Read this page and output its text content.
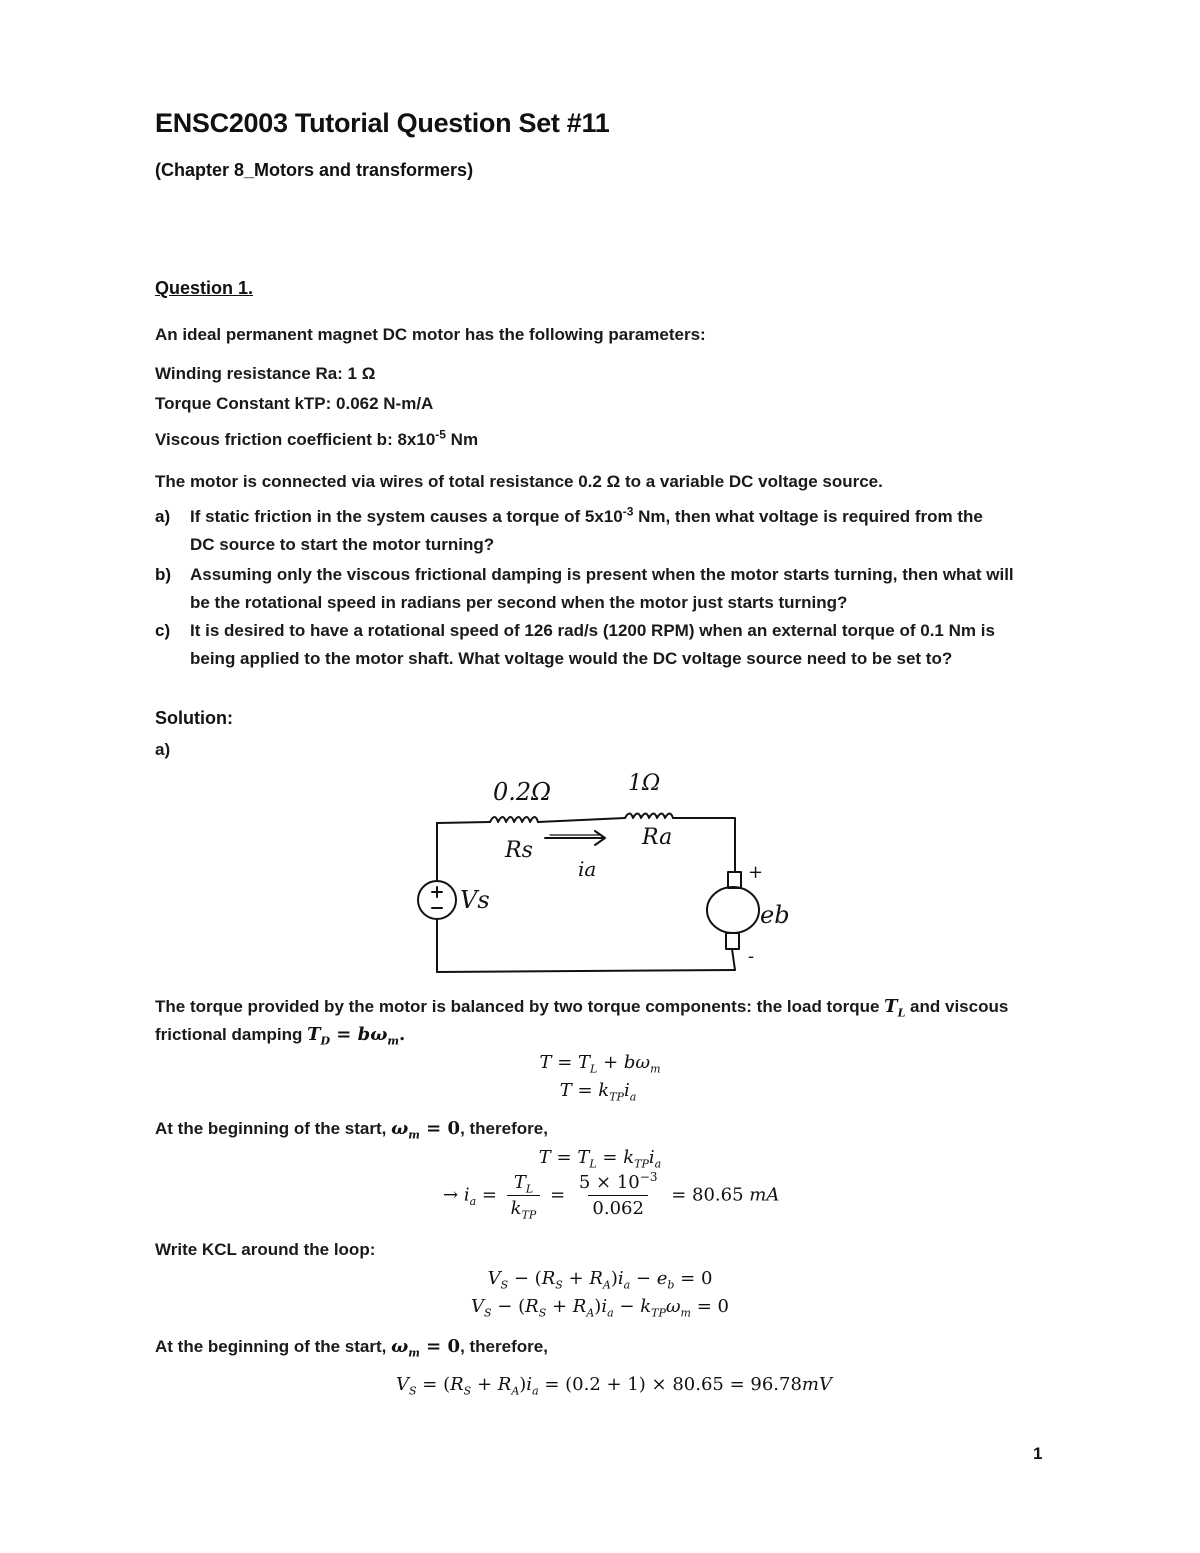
ENSC2003 Tutorial Question Set #11
(Chapter 8_Motors and transformers)
Question 1.
An ideal permanent magnet DC motor has the following parameters:
Winding resistance Ra: 1 Ω
Torque Constant kTP: 0.062 N-m/A
Viscous friction coefficient b: $8x10^{-5}$ Nm
The motor is connected via wires of total resistance 0.2 Ω to a variable DC voltage source.
a) If static friction in the system causes a torque of $5x10^{-3}$ Nm, then what voltage is required from the
DC source to start the motor turning?
b) Assuming only the viscous frictional damping is present when the motor starts turning, then what will
be the rotational speed in radians per second when the motor just starts turning?
c) It is desired to have a rotational speed of 126 rad/s (1200 RPM) when an external torque of 0.1 Nm is
being applied to the motor shaft. What voltage would the DC voltage source need to be set to?
Solution:
a)
0.2Ω	1Ω
Rs
Ra
ia
Vs
eb
+
-
The torque provided by the motor is balanced by two torque components: the load torque $T_L$ and viscous
frictional damping $T_D = b\omega_m$.
$T = T_L + b\omega_m$
$T = k_{TP}i_a$
At the beginning of the start, $\omega_m = 0$, therefore,
$T = T_L = k_{TP}i_a$
→ $i_a = \frac{T_L}{k_{TP}} = \frac{5 \times 10^{-3}}{0.062} = 80.65$ mA
Write KCL around the loop:
$V_S - (R_S + R_A)i_a - e_b = 0$
$V_S - (R_S + R_A)i_a - k_{TP}\omega_m = 0$
At the beginning of the start, $\omega_m = 0$, therefore,
$V_S = (R_S + R_A)i_a = (0.2 + 1) \times 80.65 = 96.78mV$
1
